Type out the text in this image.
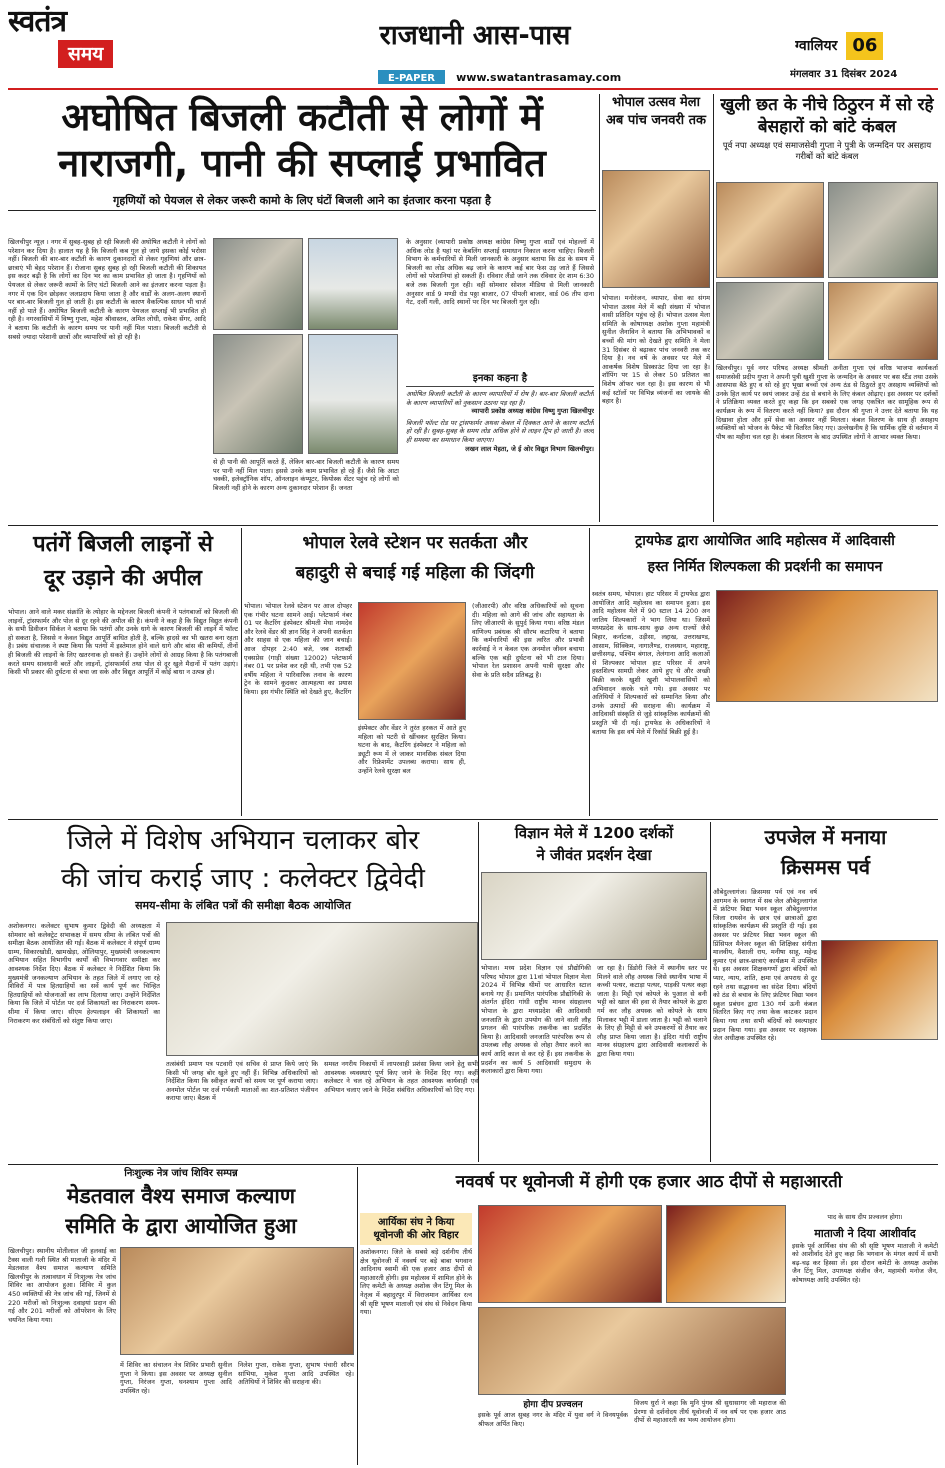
स्वतंत्र
समय
राजधानी आस-पास
E-PAPER www.swatantrasamay.com
ग्वालियर 06
मंगलवार 31 दिसंबर 2024
अघोषित बिजली कटौती से लोगों में
नाराजगी, पानी की सप्लाई प्रभावित
गृहणियों को पेयजल से लेकर जरूरी कामो के लिए घंटों बिजली आने का इंतजार करना पड़ता है
खिलचीपुर न्यूज़ । नगर में सुबह-सुबह हो रही बिजली की अघोषित कटौती ने लोगों को परेशान कर दिया है। हालात यह है कि बिजली कब गुल हो जाये इसका कोई भरोसा नहीं। बिजली की बार-बार कटौती के कारण दुकानदारों से लेकर गृहणियां और छात्र-छात्राएं भी बेहद परेशान हैं। रोजाना सुबह सुबह हो रही बिजली कटौती की शिकायत इस कदर बढ़ी है कि लोगों का दिन भर का काम प्रभावित हो जाता है। गृहणियों को पेयजल से लेकर जरूरी कामों के लिए घंटों बिजली आने का इंतजार करना पड़ता है। नगर में एक दिन छोड़कर जलप्रदाय किया जाता है और वार्डों के अलग-अलग स्थानों पर बार-बार बिजली गुल हो जाती है। इस कटौती के कारण वैकल्पिक साधन भी चार्ज नहीं हो पाते हैं। अघोषित बिजली कटौती के कारण पेयजल सप्लाई भी प्रभावित हो रही है। नगरवासियों में विष्णु गुप्ता, महेश श्रीवास्तव, अमित लोधी, राकेश सेंगर, आदि ने बताया कि कटौती के कारण समय पर पानी नहीं मिल पाता। बिजली कटौती से सबसे ज्यादा परेशानी छात्रों और व्यापारियों को हो रही है।
से ही पानी की आपूर्ति करते हैं, लेकिन बार-बार बिजली कटौती के कारण समय पर पानी नहीं मिल पाता। इससे उनके काम प्रभावित हो रहे हैं। जैसे कि आटा चक्की, इलेक्ट्रॉनिक शॉप, ऑनलाइन कंप्यूटर, कियोस्क सेंटर पहुंच रहे लोगों को बिजली नहीं होने के कारण अन्य दुकानदार परेशान हैं। जनता
के अनुसार (व्यापारी प्रकोष्ठ अध्यक्ष कांग्रेस विष्णु गुप्ता वार्डों एवं मोहल्लों में अधिक लोड है यहां पर केबलिंग सप्लाई समाधान निकाल करना चाहिए। बिजली विभाग के कर्मचारियों से मिली जानकारी के अनुसार बताया कि ठंड के समय में बिजली का लोड अधिक बढ़ जाने के कारण कई बार फेस उड़ जाते हैं जिससे लोगों को परेशानियां हो सकती हैं। रविवार लैंडो जाने तक रविवार देर शाम 6:30 बजे तक बिजली गुल रही। वहीं सोमवार सोशल मीडिया से मिली जानकारी अनुसार वार्ड 9 मण्डी रोड पठ्ठा बाजार, 07 पीपली बाजार, वार्ड 06 तीप दाना गेट, दर्जी गली, आदि स्थानों पर दिन भर बिजली गुल रही।
इनका कहना है
अघोषित बिजली कटौती के कारण व्यापारियों में रोष है। बार-बार बिजली कटौती के कारण व्यापारियों को नुकसान उठाना पड़ रहा है।
व्यापारी प्रकोष्ठ अध्यक्ष कांग्रेस विष्णु गुप्ता खिलचीपुर
बिजली फॉल्ट रोड पर ट्रांसफार्मर अथवा केबल में दिक्कत आने के कारण कटौती हो रही है। सुबह-सुबह के समय लोड अधिक होने से लाइन ट्रिप हो जाती है। जल्द ही समस्या का समाधान किया जाएगा।
लखन लाल मेहता, जे ई ओर विद्युत विभाग खिलचीपुर।
भोपाल उत्सव मेला अब पांच जनवरी तक
भोपाल। मनोरंजन, व्यापार, सेवा का संगम भोपाल उत्सव मेले में बड़ी संख्या में भोपाल वासी प्रतिदिन पहुंच रहे हैं। भोपाल उत्सव मेला समिति के कोषाध्यक्ष अशोक गुप्ता महामंत्री सुनील जैनाविन ने बताया कि अभिभावकों व बच्चों की मांग को देखते हुए समिति ने मेला 31 दिसंबर से बढ़ाकर पांच जनवरी तक कर दिया है। नव वर्ष के अवसर पर मेले में आकर्षक विशेष डिस्काउंट दिया जा रहा है। शॉपिंग पर 15 से लेकर 50 प्रतिशत का विशेष ऑफर चल रहा है। इस कारण से भी कई स्टॉलों पर विभिन्न व्यंजनों का जायके की बहार है।
खुली छत के नीचे ठिठुरन में सो रहे बेसहारों को बांटे कंबल
पूर्व नपा अध्यक्ष एवं समाजसेवी गुप्ता ने पुत्री के जन्मदिन पर असहाय गरीबों को बांटे कंबल
खिलचीपुर। पूर्व नगर परिषद अध्यक्ष श्रीमती अनीता गुप्ता एवं वरिष्ठ भाजपा कार्यकर्ता समाजसेवी प्रदीप गुप्ता ने अपनी पुत्री खुशी गुप्ता के जन्मदिन के अवसर पर बस स्टैंड तथा उसके आसपास बैठे हुए व सो रहे हुए भूखा बच्चों एवं अन्य ठंड से ठिठुरते हुए असहाय व्यक्तियों को उनके हित कार्य पर स्वयं जाकर उन्हें ठंड से बचाने के लिए कंबल ओढ़ाए। इस अवसर पर दर्शकों ने प्रतिक्रिया व्यक्त करते हुए कहा कि इन सबको एक जगह एकत्रित कर सामूहिक रूप से कार्यक्रम के रूप में वितरण करते नहीं किया? इस दौरान श्री गुप्ता ने उत्तर देते बताया कि यह दिखावा होता और हमें सेवा का अवसर नहीं मिलता। कंबल वितरण के साथ ही असहाय व्यक्तियों को भोजन के पैकेट भी वितरित किए गए। उल्लेखनीय है कि धार्मिक दृष्टि से वर्तमान में पौष का महीना चल रहा है। कंबल वितरण के बाद उपस्थित लोगों ने आभार व्यक्त किया।
पतंगें बिजली लाइनों से
दूर उड़ाने की अपील
भोपाल। आने वाले मकर संक्रांति के त्योहार के मद्देनजर बिजली कंपनी ने पतंगबाजों को बिजली की लाइनों, ट्रांसफार्मर और पोल से दूर रहने की अपील की है। कंपनी ने कहा है कि विद्युत विद्युत कंपनी के सभी डिवीजन सिर्कल ने बताया कि पतंगों और उनके धागे के कारण बिजली की लाइनें में फॉल्ट हो सकता है, जिससे न केवल विद्युत आपूर्ति बाधित होती है, बल्कि हादसे का भी खतरा बना रहता है। प्रबंध संचालक ने स्पष्ट किया कि पतंगों में इस्तेमाल होने वाले धागे और बांस की कमियों, तीनों ही बिजली की लाइनों के लिए खतरनाक हो सकते हैं। उन्होंने लोगों से आग्रह किया है कि पतंगबाजी करते समय सावधानी बरतें और लाइनों, ट्रांसफार्मर्स तथा पोल से दूर खुले मैदानों में पतंग उड़ाएं। किसी भी प्रकार की दुर्घटना से बचा जा सके और विद्युत आपूर्ति में कोई बाधा न उत्पन्न हो।
भोपाल रेलवे स्टेशन पर सतर्कता और
बहादुरी से बचाई गई महिला की जिंदगी
भोपाल। भोपाल रेलवे स्टेशन पर आज दोपहर एक गंभीर घटना सामने आई। प्लेटफार्म नंबर 01 पर कैटरिंग इंस्पेक्टर श्रीमती मेघा नामदेव और रेलवे वेंडर श्री ज्ञान सिंह ने अपनी सतर्कता और साहस से एक महिला की जान बचाई। आज दोपहर 2:40 बजे, जब शताब्दी एक्सप्रेस (गाड़ी संख्या 12002) प्लेटफार्म नंबर 01 पर प्रवेश कर रही थी, तभी एक 52 वर्षीय महिला ने पारिवारिक तनाव के कारण ट्रेन के सामने कूदकर आत्महत्या का प्रयास किया। इस गंभीर स्थिति को देखते हुए, कैटरिंग
इंस्पेक्टर और वेंडर ने तुरंत हरकत में आते हुए महिला को पटरी से खींचकर सुरक्षित किया। घटना के बाद, कैटरिंग इंस्पेक्टर ने महिला को ड्यूटी रूम में ले जाकर मानसिक संबल दिया और रिफ्रेशमेंट उपलब्ध कराया। साथ ही, उन्होंने रेलवे सुरक्षा बल
(जीआरपी) और वरिष्ठ अधिकारियों को सूचना दी। महिला को आगे की जांच और सहायता के लिए जीआरपी के सुपुर्द किया गया। वरिष्ठ मंडल वाणिज्य प्रबंधक श्री सौरभ कटारिया ने बताया कि कर्मचारियों की इस त्वरित और प्रभावी कार्रवाई ने न केवल एक अनमोल जीवन बचाया बल्कि एक बड़ी दुर्घटना को भी टाल दिया। भोपाल रेल प्रशासन अपनी यात्री सुरक्षा और सेवा के प्रति सदैव प्रतिबद्ध है।
ट्रायफेड द्वारा आयोजित आदि महोत्सव में आदिवासी
हस्त निर्मित शिल्पकला की प्रदर्शनी का समापन
स्वतंत्र समय, भोपाल। हाट परिसर में ट्रायफेड द्वारा आयोजित आदि महोत्सव का समापन हुआ। इस आदि महोत्सव मेले में 90 स्टाल 14 200 अन जातिय शिल्पकारों ने भाग लिया था। जिसमें मध्यप्रदेश के साथ-साथ कुछ अन्य राज्यों जैसे बिहार, कर्नाटक, उड़ीसा, लद्दाख, उत्तराखण्ड, आसाम, सिक्किम, नागालैण्ड, राजस्थान, महाराष्ट्र, छत्तीसगढ़, पश्चिम बंगाल, तेलंगाना आदि कलाओं से शिल्पकार भोपाल हाट परिसर में अपने हस्तशिल्प सामग्री लेकर आये हुए थे और अच्छी बिक्री करके खुशी खुशी भोपालवासियों को अभिवादन करके चले गये। इस अवसर पर अतिथियों ने शिल्पकारों को सम्मानित किया और उनके उत्पादों की सराहना की। कार्यक्रम में आदिवासी संस्कृति से जुड़े सांस्कृतिक कार्यक्रमों की प्रस्तुति भी दी गई। ट्रायफेड के अधिकारियों ने बताया कि इस वर्ष मेले में रिकॉर्ड बिक्री हुई है।
जिले में विशेष अभियान चलाकर बोर
की जांच कराई जाए : कलेक्टर द्विवेदी
समय-सीमा के लंबित पत्रों की समीक्षा बैठक आयोजित
अशोकनगर। कलेक्टर सुभाष कुमार द्विवेदी की अध्यक्षता में सोमवार को कलेक्ट्रेट सभाकक्ष में समय सीमा के लंबित पत्रों की समीक्षा बैठक आयोजित की गई। बैठक में कलेक्टर ने संपूर्ण ग्राम्य ग्राम्य, सिकारखोडी, खामखेड़ा, ओलियापुर, मुख्यमंत्री जनकल्याण अभियान सहित विभागीय कार्यों की विभागवार समीक्षा कर आवश्यक निर्देश दिए। बैठक में कलेक्टर ने निर्देशित किया कि मुख्यमंत्री जनकल्याण अभियान के तहत जिले में लगाए जा रहे शिविरों में पात्र हितग्राहियों का सर्वे कार्य पूर्ण कर चिन्हित हितग्राहियों को योजनाओं का लाभ दिलाया जाए। उन्होंने निर्देशित किया कि जिले में पोर्टल पर दर्ज शिकायतों का निराकरण समय-सीमा में किया जाए। सीएम हेल्पलाइन की शिकायतों का निराकरण कर संबंधितों को संतुष्ट किया जाए।
तत्संबंधी प्रमाण पत्र पटवारी एवं सचिव से प्राप्त किये जाएं कि किसी भी जगह बोर खुले हुए नहीं हैं। विभिन्न अधिकारियों को निर्देशित किया कि स्वीकृत कार्यों को समय पर पूर्ण कराया जाए। अनमोल पोर्टल पर दर्ज गर्भवती माताओं का शत-प्रतिशत पंजीयन कराया जाए। बैठक में
समस्त नगरीय निकायों में लापरवाही प्रशंसा किया जाने हेतु सभी आवश्यक व्यवस्थाएं पूर्ण किए जाने के निर्देश दिए गए। कहीं कलेक्टर ने चल रहे अभियान के तहत आवश्यक कार्यवाही एवं अभियान चलाए जाने के निर्देश संबंधित अधिकारियों को दिए गए।
विज्ञान मेले में 1200 दर्शकों
ने जीवंत प्रदर्शन देखा
भोपाल। मध्य प्रदेश विज्ञान एवं प्रौद्योगिकी परिषद भोपाल द्वारा 11वां भोपाल विज्ञान मेला 2024 में विभिन्न थीमों पर आधारित स्टाल बनाये गए हैं। प्रमाणित पारंपरिक प्रौद्योगिकी के अंतर्गत इंदिरा गांधी राष्ट्रीय मानव संग्रहालय भोपाल के द्वारा मध्यप्रदेश की आदिवासी जनजाति के द्वारा उपयोग की जाने वाली लौह प्रगलन की पारंपरिक तकनीक का प्रदर्शित किया है। आदिवासी जनजाति पारंपरिक रूप से उपलब्ध लौह अयस्क से लोहा तैयार करने का कार्य आदि काल से कर रहे हैं। इस तकनीक के प्रदर्शन का कार्य 5 आदिवासी समुदाय के कलाकारों द्वारा किया गया।
जा रहा है। डिंडोरी जिले में स्थानीय स्तर पर मिलने वाले लौह अयस्क जिसे स्थानीय भाषा में कच्ची पत्थर, कटाड़ा पत्थर, पाड़की पत्थर कहा जाता है। मिट्टी एवं कोयले के पुआल से बनी भट्टी को खाल की हवा से तैयार कोयले के द्वारा गर्म कर लौह अयस्क को कोयले के साथ मिलाकर भट्टी में डाला जाता है। भट्टी को चलाने के लिए ही मिट्टी से बने उपकरणों से तैयार कर लौह प्राप्त किया जाता है। इंदिरा गांधी राष्ट्रीय मानव संग्रहालय द्वारा आदिवासी कलाकारों के द्वारा किया गया।
उपजेल में मनाया
क्रिसमस पर्व
औबेदुल्लागंज। क्रिसमस पर्व एवं नव वर्ष आगमन के स्वागत में सब जेल औबेदुल्लागंज में फ्रंटियर विद्या भवन स्कूल औबेदुल्लागंज जिला रायसेन के छात्र एवं छात्राओं द्वारा सांस्कृतिक कार्यक्रम की प्रस्तुति दी गई। इस अवसर पर फ्रंटियर विद्या भवन स्कूल की प्रिंसिपल मैनेजर स्कूल की शिक्षिका संगीता मालवीय, वैशाली राय, मनीषा साहू, महेन्द्र कुमार एवं छात्र-छात्राएं कार्यक्रम में उपस्थित थे। इस अवसर शिक्षकगणों द्वारा बंदियों को प्यार, न्याय, शांति, क्षमा एवं अपराध से दूर रहने तथा सद्भावना का संदेश दिया। बंदियों को ठंड से बचाव के लिए फ्रंटियर विद्या भवन स्कूल प्रबंधन द्वारा 130 गर्म ऊनी कंबल वितरित किए गए तथा केक काटकर प्रदान किया गया तथा सभी बंदियों को स्वल्पाहार प्रदान किया गया। इस अवसर पर सहायक जेल अधीक्षक उपस्थित रहे।
निःशुल्क नेत्र जांच शिविर सम्पन्न
मेडतवाल वैश्य समाज कल्याण
समिति के द्वारा आयोजित हुआ
खिलचीपुर। स्थानीय मोतीलाल जी हलवाई का टैक्स वाली गली स्थित श्री माताजी के मंदिर में मेडतवाल वैश्य समाज कल्याण समिति खिलचीपुर के तत्वावधान में निःशुल्क नेत्र जांच शिविर का आयोजन हुआ। शिविर में कुल 450 व्यक्तियों की नेत्र जांच की गई, जिनमें से 220 मरीजों को निःशुल्क दवाइयां प्रदान की गई और 201 मरीजों को ऑपरेशन के लिए चयनित किया गया।
में शिविर का संचालन नेत्र शिविर प्रभारी सुनील गुप्ता ने किया। इस अवसर पर अध्यक्ष सुनील गुप्ता, निरंजन गुप्ता, घनश्याम गुप्ता आदि उपस्थित रहे।
निलेश गुप्ता, राकेश गुप्ता, सुभाष पंचारी सौरभ सांभिया, मुकेश गुप्ता आदि उपस्थित रहे। अतिथियों ने शिविर की सराहना की।
नववर्ष पर थूवोनजी में होगी एक हजार आठ दीपों से महाआरती
आर्यिका संघ ने किया थूवोनजी की ओर विहार
अशोकनगर। जिले के सबसे बड़े दर्शनीय तीर्थ क्षेत्र थूवोनजी में नववर्ष पर बड़े बाबा भगवान आदिनाथ स्वामी की एक हजार आठ दीपों से महाआरती होगी। इस महोत्सव में शामिल होने के लिए कमेटी के अध्यक्ष अशोक जैन टिंगू मिल के नेतृत्व में बहादुरपुर में विराजमान आर्यिका रत्न श्री सृष्टि भूषण माताजी एवं संघ से निवेदन किया गया।
होगा दीप प्रज्वलन
इसके पूर्व आज सुबह नगर के मंदिर में युवा वर्ग ने विनयपूर्वक श्रीफल अर्पित किए।
विजय धुर्रा ने कहा कि मुनि पुंगव श्री सुधासागर जी महाराज की प्रेरणा से दर्शनोदय तीर्थ थूवोनजी में नव वर्ष पर एक हजार आठ दीपों से महाआरती का भव्य आयोजन होगा।
पाद के साथ दीप प्रज्वलन होगा।
माताजी ने दिया आशीर्वाद
इसके पूर्व आर्यिका संघ की श्री सृष्टि भूषण माताजी ने कमेटी को आशीर्वाद देते हुए कहा कि भगवान के मंगल कार्य में सभी बढ़-चढ़ कर हिस्सा लें। इस दौरान कमेटी के अध्यक्ष अशोक जैन टिंगू मिल, उपाध्यक्ष संजीव जैन, महामंत्री मनोज जैन, कोषाध्यक्ष आदि उपस्थित रहे।
